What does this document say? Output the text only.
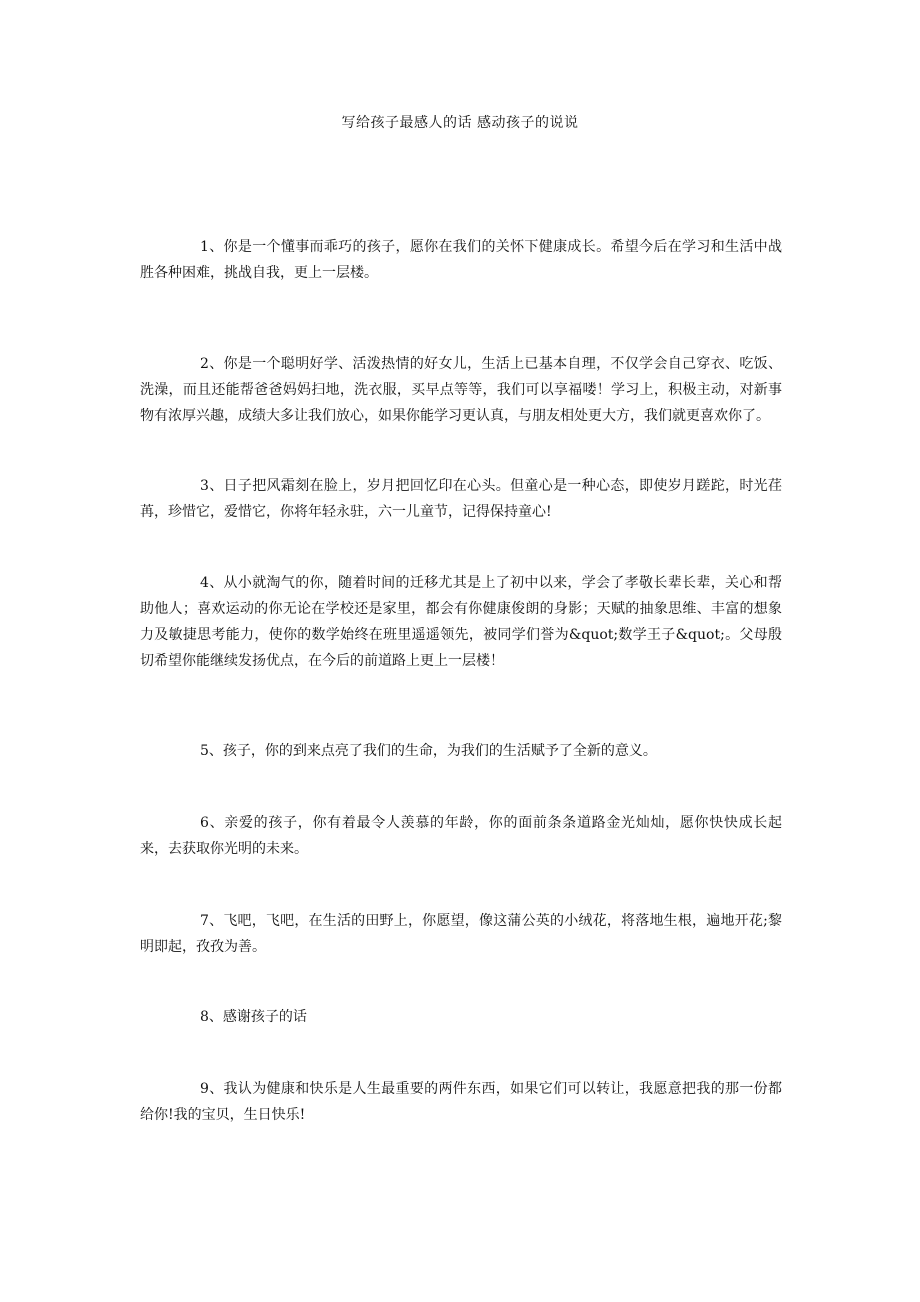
写给孩子最感人的话 感动孩子的说说

1、你是一个懂事而乖巧的孩子，愿你在我们的关怀下健康成长。希望今后在学习和生活中战胜各种困难，挑战自我，更上一层楼。

2、你是一个聪明好学、活泼热情的好女儿，生活上已基本自理，不仅学会自己穿衣、吃饭、洗澡，而且还能帮爸爸妈妈扫地，洗衣服，买早点等等，我们可以享福喽！学习上，积极主动，对新事物有浓厚兴趣，成绩大多让我们放心，如果你能学习更认真，与朋友相处更大方，我们就更喜欢你了。

3、日子把风霜刻在脸上，岁月把回忆印在心头。但童心是一种心态，即使岁月蹉跎，时光荏苒，珍惜它，爱惜它，你将年轻永驻，六一儿童节，记得保持童心!

4、从小就淘气的你，随着时间的迁移尤其是上了初中以来，学会了孝敬长辈长辈，关心和帮助他人；喜欢运动的你无论在学校还是家里，都会有你健康俊朗的身影；天赋的抽象思维、丰富的想象力及敏捷思考能力，使你的数学始终在班里遥遥领先，被同学们誉为&quot;数学王子&quot;。父母殷切希望你能继续发扬优点，在今后的前道路上更上一层楼！

5、孩子，你的到来点亮了我们的生命，为我们的生活赋予了全新的意义。

6、亲爱的孩子，你有着最令人羡慕的年龄，你的面前条条道路金光灿灿，愿你快快成长起来，去获取你光明的未来。

7、飞吧，飞吧，在生活的田野上，你愿望，像这蒲公英的小绒花，将落地生根，遍地开花;黎明即起，孜孜为善。

8、感谢孩子的话

9、我认为健康和快乐是人生最重要的两件东西，如果它们可以转让，我愿意把我的那一份都给你!我的宝贝，生日快乐!
